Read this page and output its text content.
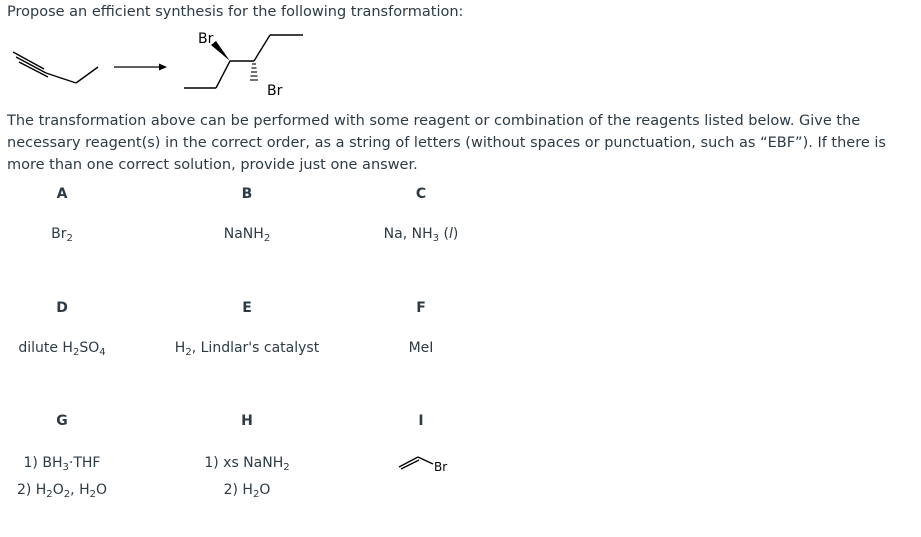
Propose an efficient synthesis for the following transformation:
Br
Br
The transformation above can be performed with some reagent or combination of the reagents listed below. Give the necessary reagent(s) in the correct order, as a string of letters (without spaces or punctuation, such as “EBF”). If there is more than one correct solution, provide just one answer.
A
$Br_2$
B
NaNH$_2$
C
Na, $NH_3$ (l)
D
dilute $H_2SO_4$
E
$H_2$, Lindlar's catalyst
F
MeI
G
1) $BH_3\cdot THF$
2) $H_2O_2$, $H_2O$
H
1) xs NaNH$_2$
2) $H_2O$
I
Br
